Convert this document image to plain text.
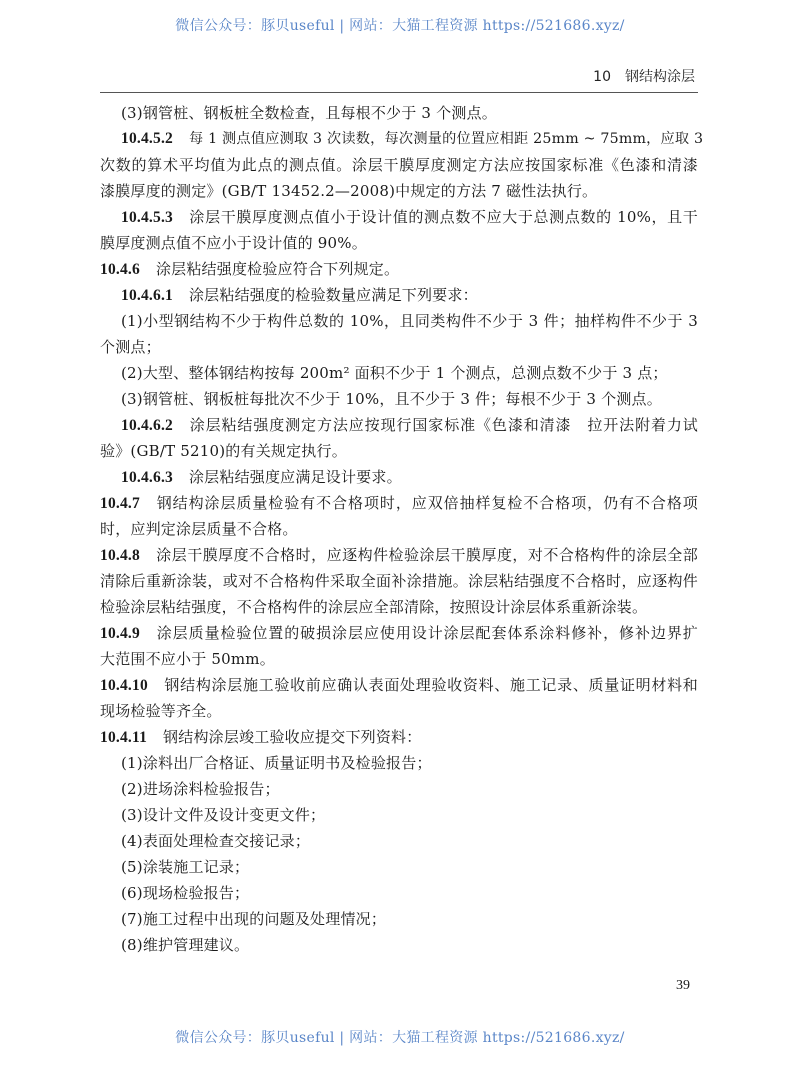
微信公众号：豚贝useful | 网站：大猫工程资源 https://521686.xyz/
10 钢结构涂层
(3)钢管桩、钢板桩全数检查，且每根不少于 3 个测点。
10.4.5.2 每 1 测点值应测取 3 次读数，每次测量的位置应相距 25mm ~ 75mm，应取 3
次数的算术平均值为此点的测点值。涂层干膜厚度测定方法应按国家标准《色漆和清漆
漆膜厚度的测定》(GB/T 13452.2—2008)中规定的方法 7 磁性法执行。
10.4.5.3 涂层干膜厚度测点值小于设计值的测点数不应大于总测点数的 10%，且干
膜厚度测点值不应小于设计值的 90%。
10.4.6 涂层粘结强度检验应符合下列规定。
10.4.6.1 涂层粘结强度的检验数量应满足下列要求：
(1)小型钢结构不少于构件总数的 10%，且同类构件不少于 3 件；抽样构件不少于 3
个测点；
(2)大型、整体钢结构按每 200m² 面积不少于 1 个测点，总测点数不少于 3 点；
(3)钢管桩、钢板桩每批次不少于 10%，且不少于 3 件；每根不少于 3 个测点。
10.4.6.2 涂层粘结强度测定方法应按现行国家标准《色漆和清漆　拉开法附着力试
验》(GB/T 5210)的有关规定执行。
10.4.6.3 涂层粘结强度应满足设计要求。
10.4.7 钢结构涂层质量检验有不合格项时，应双倍抽样复检不合格项，仍有不合格项
时，应判定涂层质量不合格。
10.4.8 涂层干膜厚度不合格时，应逐构件检验涂层干膜厚度，对不合格构件的涂层全部
清除后重新涂装，或对不合格构件采取全面补涂措施。涂层粘结强度不合格时，应逐构件
检验涂层粘结强度，不合格构件的涂层应全部清除，按照设计涂层体系重新涂装。
10.4.9 涂层质量检验位置的破损涂层应使用设计涂层配套体系涂料修补，修补边界扩
大范围不应小于 50mm。
10.4.10 钢结构涂层施工验收前应确认表面处理验收资料、施工记录、质量证明材料和
现场检验等齐全。
10.4.11 钢结构涂层竣工验收应提交下列资料：
(1)涂料出厂合格证、质量证明书及检验报告；
(2)进场涂料检验报告；
(3)设计文件及设计变更文件；
(4)表面处理检查交接记录；
(5)涂装施工记录；
(6)现场检验报告；
(7)施工过程中出现的问题及处理情况；
(8)维护管理建议。
39
微信公众号：豚贝useful | 网站：大猫工程资源 https://521686.xyz/
